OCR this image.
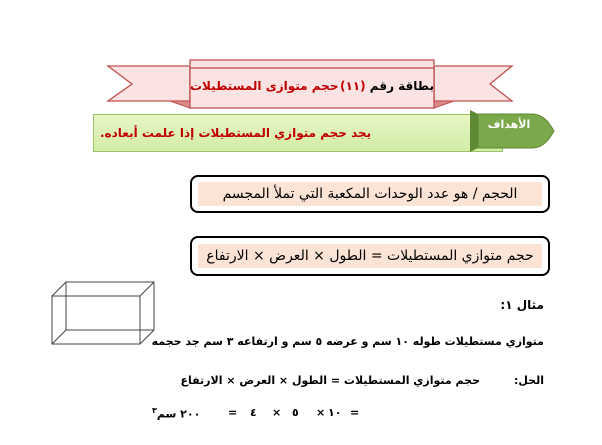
بطاقة رقم

(١١)
حجم متوازى المستطيلات
الأهداف
يجد حجم متوازي المستطيلات إذا علمت أبعاده.
الحجم / هو عدد الوحدات المكعبة التي تملأ المجسم
حجم متوازي المستطيلات = الطول × العرض × الارتفاع
مثال ١:
متوازي مستطيلات طوله ١٠ سم و عرضه ٥ سم و ارتفاعه ٣ سم جد حجمه
الحل:
حجم متوازي المستطيلات = الطول × العرض × الارتفاع
٢٠٠ سم$^٣$	= ٤ × ٥ × ١٠ =
